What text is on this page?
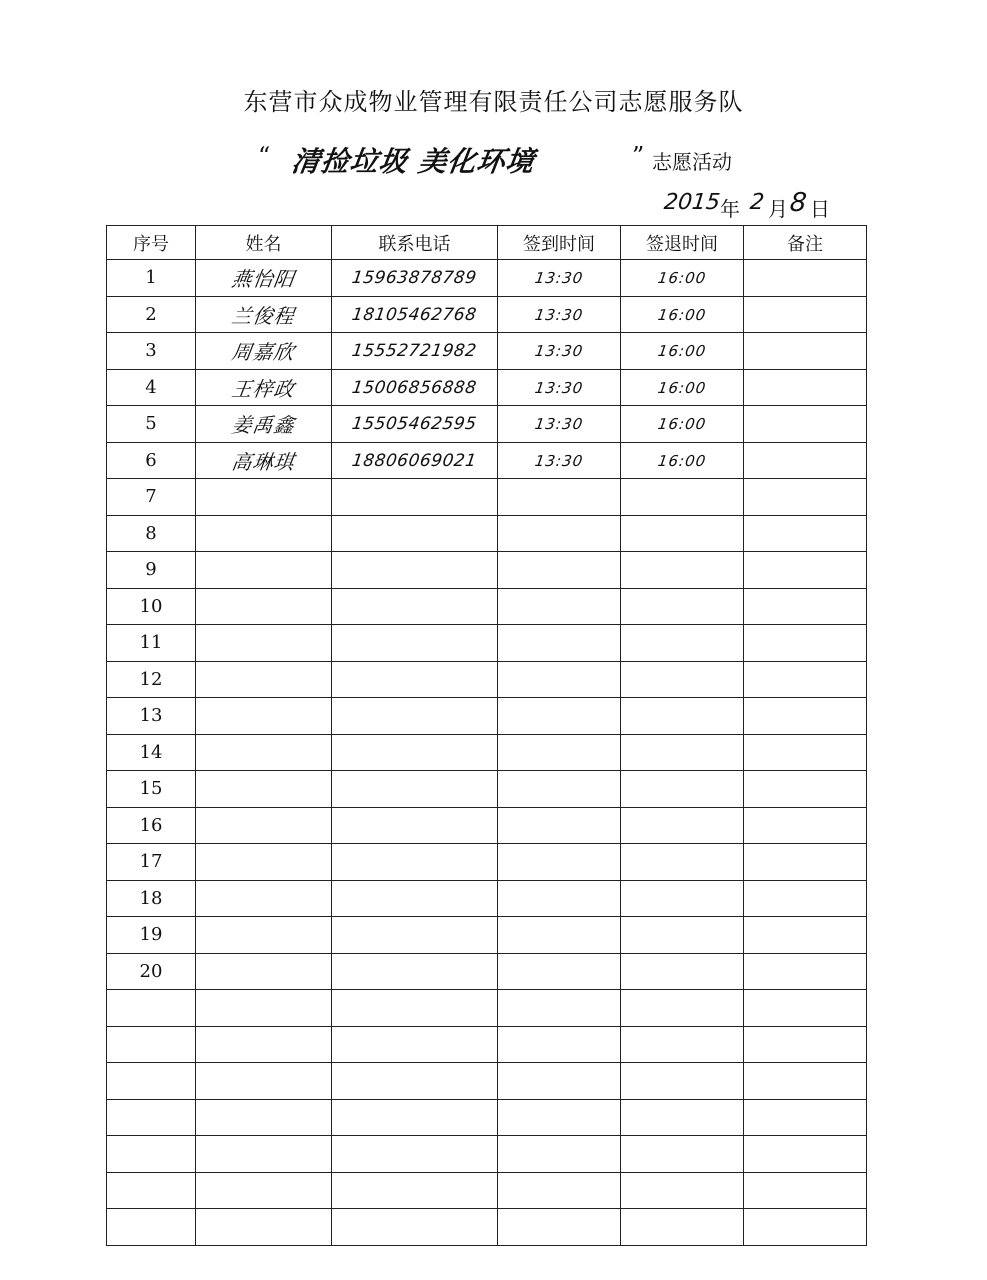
东营市众成物业管理有限责任公司志愿服务队
“ 清捡垃圾 美化环境	” 志愿活动
2015
年 2 月 8 日
序号	姓名	联系电话	签到时间	签退时间	备注
1	燕怡阳	15963878789	13:30	16:00	
2	兰俊程	18105462768	13:30	16:00	
3	周嘉欣	15552721982	13:30	16:00	
4	王梓政	15006856888	13:30	16:00	
5	姜禹鑫	15505462595	13:30	16:00	
6	高琳琪	18806069021	13:30	16:00	
7					
8					
9					
10					
11					
12					
13					
14					
15					
16					
17					
18					
19					
20					
